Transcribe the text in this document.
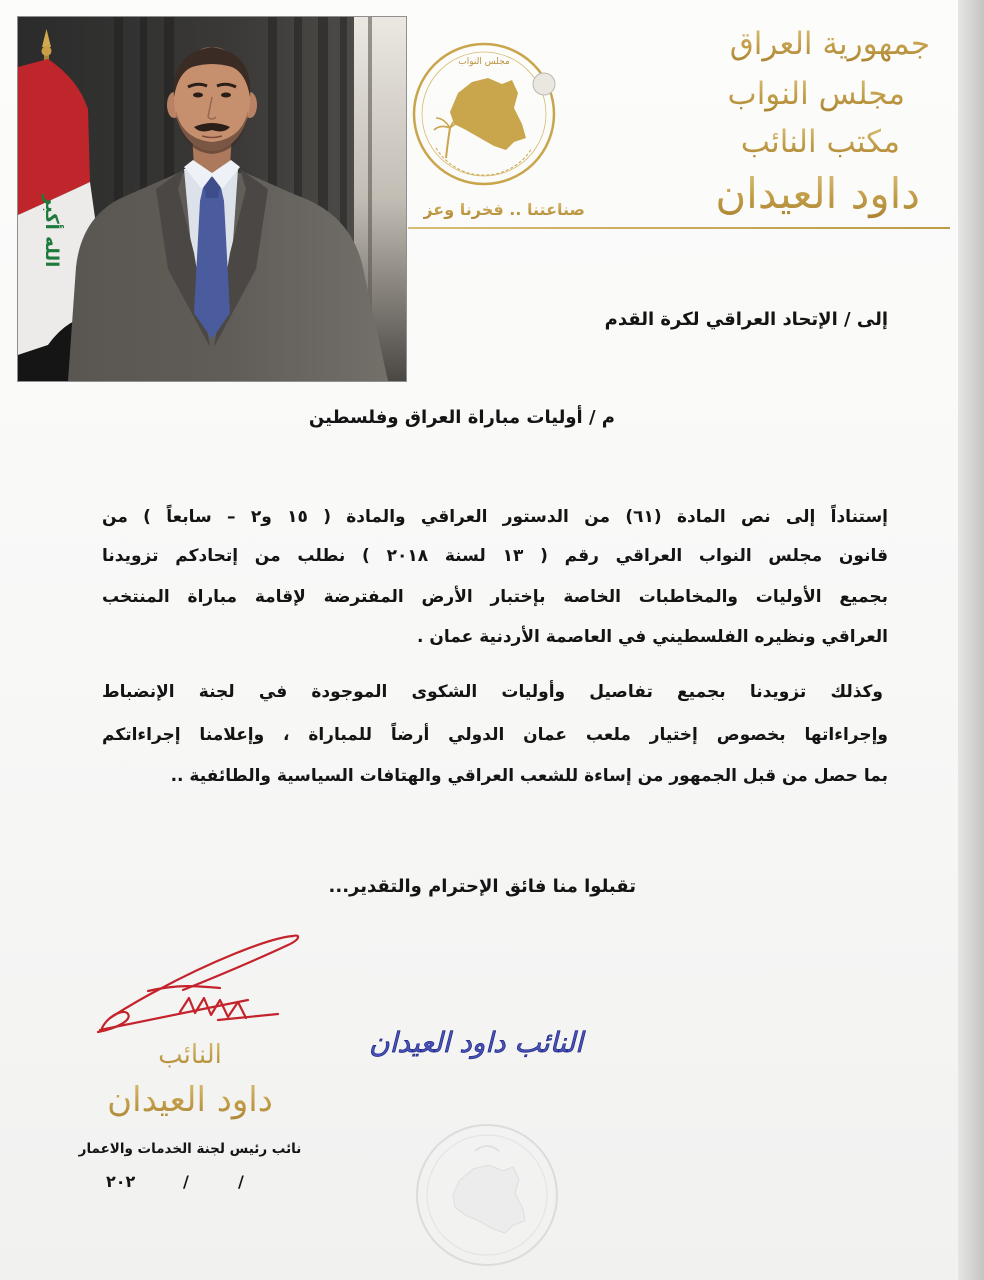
الله أكبر
مجلس النواب	جمهورية العراق
مجلس النواب
مكتب النائب
داود العيدان
صناعتنا .. فخرنا وعز
إلى / الإتحاد العراقي لكرة القدم
م / أوليات مباراة العراق وفلسطين
إستناداً إلى نص المادة (٦١) من الدستور العراقي والمادة ( ١٥ و٢ – سابعاً ) من
قانون مجلس النواب العراقي رقم ( ١٣ لسنة ٢٠١٨ ) نطلب من إتحادكم تزويدنا
بجميع الأوليات والمخاطبات الخاصة بإختبار الأرض المفترضة لإقامة مباراة المنتخب
العراقي ونظيره الفلسطيني في العاصمة الأردنية عمان .
وكذلك تزويدنا بجميع تفاصيل وأوليات الشكوى الموجودة في لجنة الإنضباط
وإجراءاتها بخصوص إختيار ملعب عمان الدولي أرضاً للمباراة ، وإعلامنا إجراءاتكم
بما حصل من قبل الجمهور من إساءة للشعب العراقي والهتافات السياسية والطائفية ..
تقبلوا منا فائق الإحترام والتقدير...
النائب
داود العيدان
نائب رئيس لجنة الخدمات والاعمار
٢٠٢	/	/
النائب داود العيدان
